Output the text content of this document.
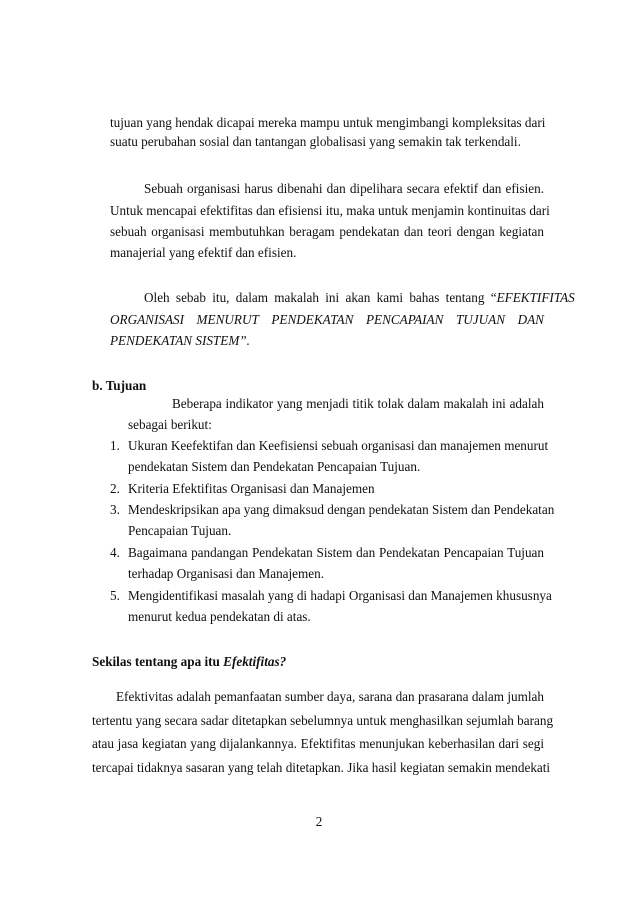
tujuan yang hendak dicapai mereka mampu untuk mengimbangi kompleksitas dari
suatu perubahan sosial dan tantangan globalisasi yang semakin tak terkendali.
Sebuah organisasi harus dibenahi dan dipelihara secara efektif dan efisien.
Untuk mencapai efektifitas dan efisiensi itu, maka untuk menjamin kontinuitas dari
sebuah organisasi membutuhkan beragam pendekatan dan teori dengan kegiatan
manajerial yang efektif dan efisien.
Oleh sebab itu, dalam makalah ini akan kami bahas tentang “ EFEKTIFITAS
ORGANISASI MENURUT PENDEKATAN PENCAPAIAN TUJUAN DAN
PENDEKATAN SISTEM”.
b. Tujuan
Beberapa indikator yang menjadi titik tolak dalam makalah ini adalah
sebagai berikut:
1. Ukuran Keefektifan dan Keefisiensi sebuah organisasi dan manajemen menurut
pendekatan Sistem dan Pendekatan Pencapaian Tujuan.
2. Kriteria Efektifitas Organisasi dan Manajemen
3. Mendeskripsikan apa yang dimaksud dengan pendekatan Sistem dan Pendekatan
Pencapaian Tujuan.
4. Bagaimana pandangan Pendekatan Sistem dan Pendekatan Pencapaian Tujuan
terhadap Organisasi dan Manajemen.
5. Mengidentifikasi masalah yang di hadapi Organisasi dan Manajemen khususnya
menurut kedua pendekatan di atas.
Sekilas tentang apa itu Efektifitas?
Efektivitas adalah pemanfaatan sumber daya, sarana dan prasarana dalam jumlah
tertentu yang secara sadar ditetapkan sebelumnya untuk menghasilkan sejumlah barang
atau jasa kegiatan yang dijalankannya. Efektifitas menunjukan keberhasilan dari segi
tercapai tidaknya sasaran yang telah ditetapkan. Jika hasil kegiatan semakin mendekati
2
